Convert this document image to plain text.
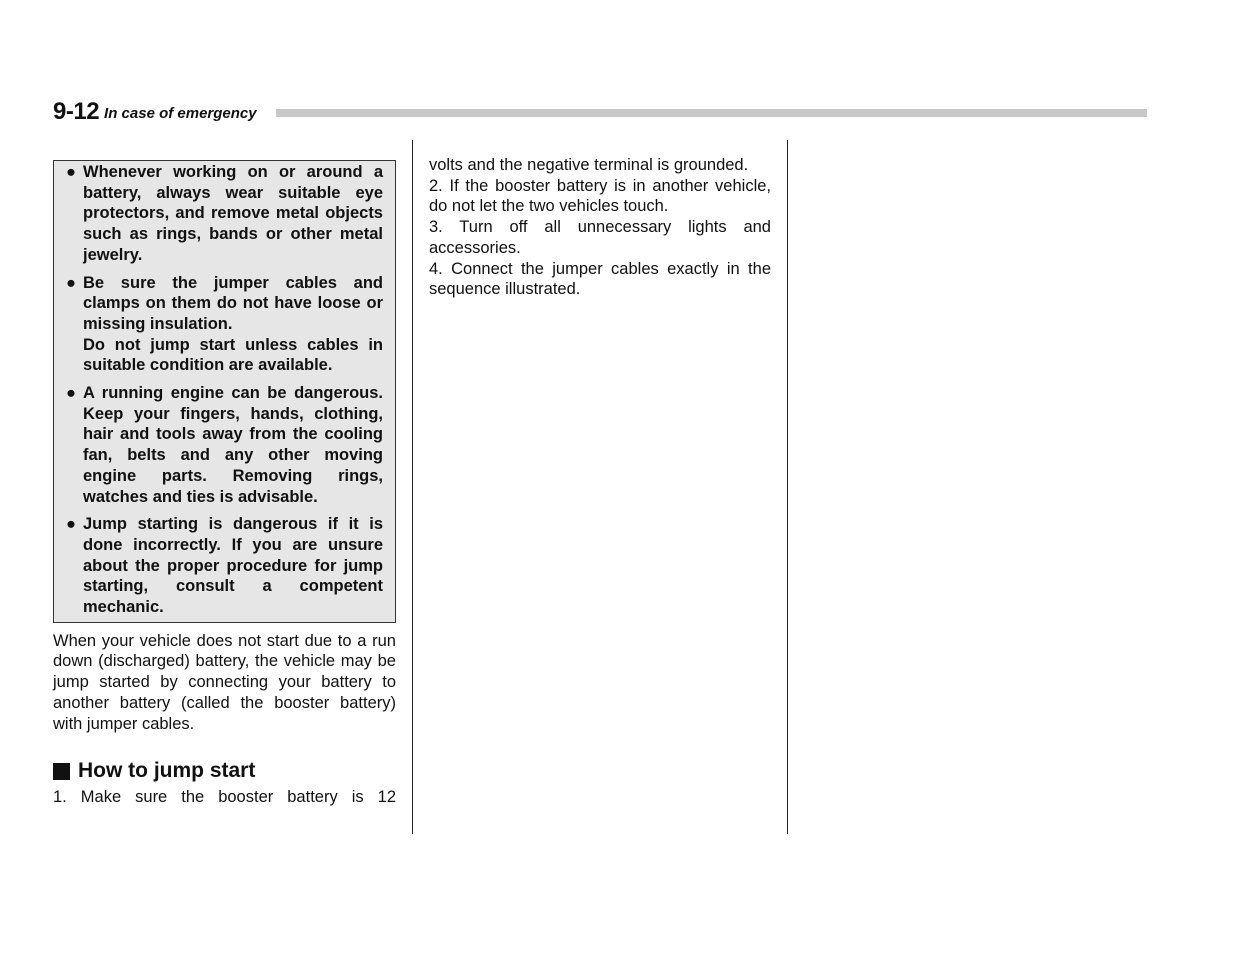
9-12 In case of emergency
● Whenever working on or around a battery, always wear suitable eye protectors, and remove metal objects such as rings, bands or other metal jewelry.
● Be sure the jumper cables and clamps on them do not have loose or missing insulation.
Do not jump start unless cables in suitable condition are available.
● A running engine can be dangerous. Keep your fingers, hands, clothing, hair and tools away from the cooling fan, belts and any other moving engine parts. Removing rings, watches and ties is advisable.
● Jump starting is dangerous if it is done incorrectly. If you are unsure about the proper procedure for jump starting, consult a competent mechanic.

When your vehicle does not start due to a run down (discharged) battery, the vehicle may be jump started by connecting your battery to another battery (called the booster battery) with jumper cables.

How to jump start

1. Make sure the booster battery is 12

volts and the negative terminal is grounded.

2. If the booster battery is in another vehicle, do not let the two vehicles touch.

3. Turn off all unnecessary lights and accessories.

4. Connect the jumper cables exactly in the sequence illustrated.
